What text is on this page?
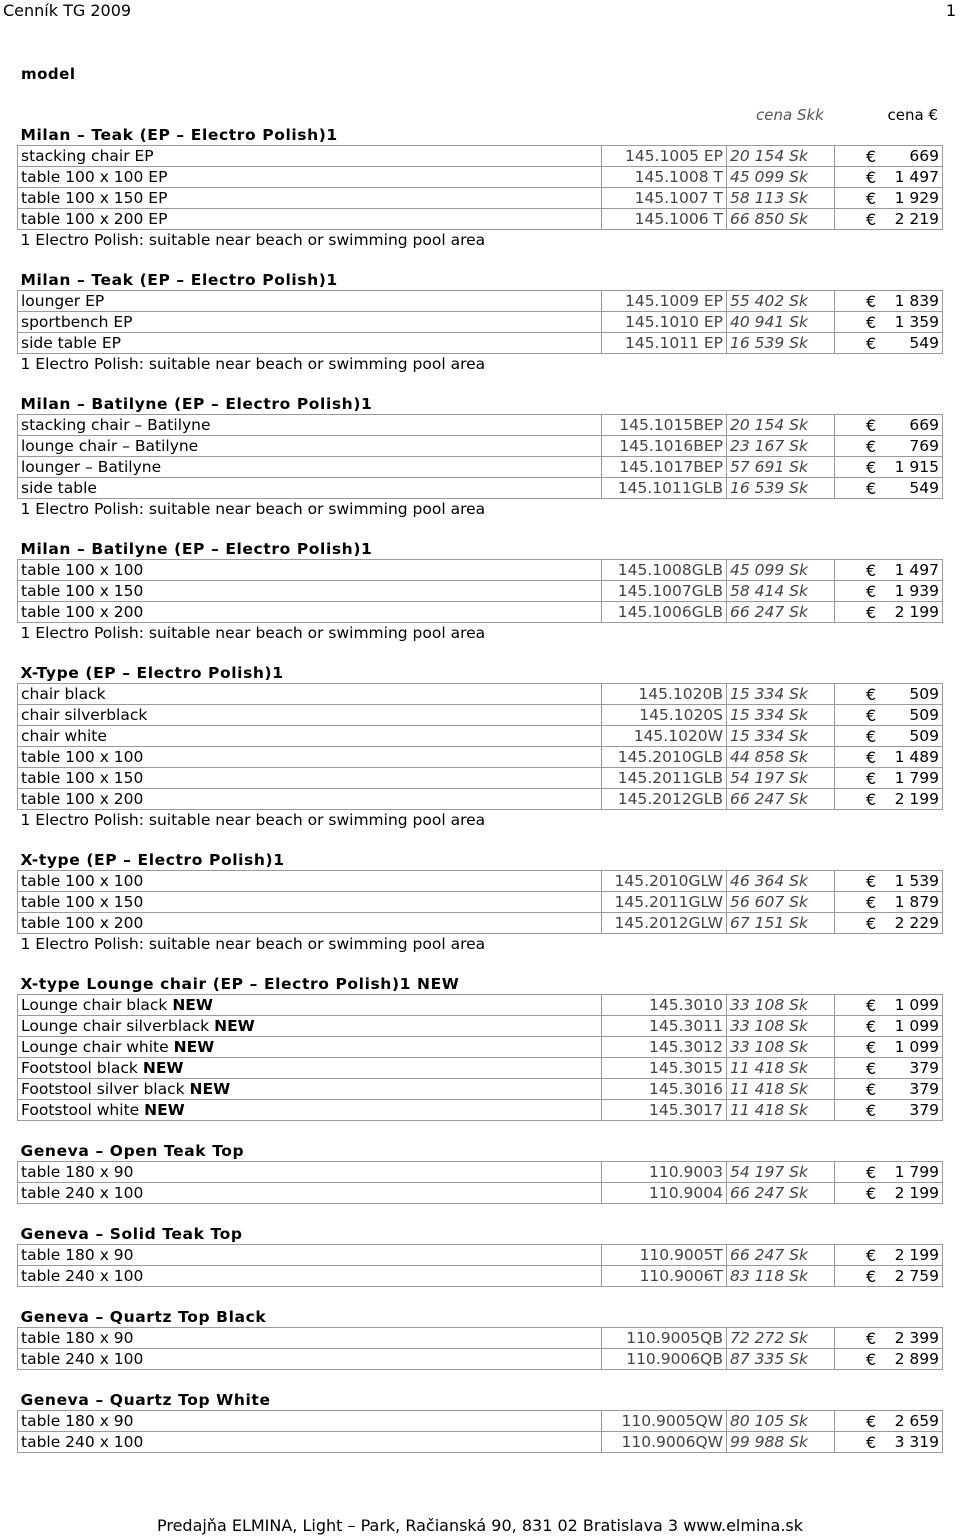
Cenník TG 2009	1
model
cena Skk	cena €
Milan – Teak (EP – Electro Polish)1			
stacking chair EP	145.1005 EP	20 154 Sk	€ 669
table 100 x 100 EP	145.1008 T	45 099 Sk	€ 1 497
table 100 x 150 EP	145.1007 T	58 113 Sk	€ 1 929
table 100 x 200 EP	145.1006 T	66 850 Sk	€ 2 219
1 Electro Polish: suitable near beach or swimming pool area			

Milan – Teak (EP – Electro Polish)1			
lounger EP	145.1009 EP	55 402 Sk	€ 1 839
sportbench EP	145.1010 EP	40 941 Sk	€ 1 359
side table EP	145.1011 EP	16 539 Sk	€ 549
1 Electro Polish: suitable near beach or swimming pool area			

Milan – Batilyne (EP – Electro Polish)1			
stacking chair – Batilyne	145.1015BEP	20 154 Sk	€ 669
lounge chair – Batilyne	145.1016BEP	23 167 Sk	€ 769
lounger – Batilyne	145.1017BEP	57 691 Sk	€ 1 915
side table	145.1011GLB	16 539 Sk	€ 549
1 Electro Polish: suitable near beach or swimming pool area			

Milan – Batilyne (EP – Electro Polish)1			
table 100 x 100	145.1008GLB	45 099 Sk	€ 1 497
table 100 x 150	145.1007GLB	58 414 Sk	€ 1 939
table 100 x 200	145.1006GLB	66 247 Sk	€ 2 199
1 Electro Polish: suitable near beach or swimming pool area			

X-Type (EP – Electro Polish)1			
chair black	145.1020B	15 334 Sk	€ 509
chair silverblack	145.1020S	15 334 Sk	€ 509
chair white	145.1020W	15 334 Sk	€ 509
table 100 x 100	145.2010GLB	44 858 Sk	€ 1 489
table 100 x 150	145.2011GLB	54 197 Sk	€ 1 799
table 100 x 200	145.2012GLB	66 247 Sk	€ 2 199
1 Electro Polish: suitable near beach or swimming pool area			

X-type (EP – Electro Polish)1			
table 100 x 100	145.2010GLW	46 364 Sk	€ 1 539
table 100 x 150	145.2011GLW	56 607 Sk	€ 1 879
table 100 x 200	145.2012GLW	67 151 Sk	€ 2 229
1 Electro Polish: suitable near beach or swimming pool area			

X-type Lounge chair (EP – Electro Polish)1 NEW			
Lounge chair black NEW	145.3010	33 108 Sk	€ 1 099
Lounge chair silverblack NEW	145.3011	33 108 Sk	€ 1 099
Lounge chair white NEW	145.3012	33 108 Sk	€ 1 099
Footstool black NEW	145.3015	11 418 Sk	€ 379
Footstool silver black NEW	145.3016	11 418 Sk	€ 379
Footstool white NEW	145.3017	11 418 Sk	€ 379

Geneva – Open Teak Top			
table 180 x 90	110.9003	54 197 Sk	€ 1 799
table 240 x 100	110.9004	66 247 Sk	€ 2 199

Geneva – Solid Teak Top			
table 180 x 90	110.9005T	66 247 Sk	€ 2 199
table 240 x 100	110.9006T	83 118 Sk	€ 2 759

Geneva – Quartz Top Black			
table 180 x 90	110.9005QB	72 272 Sk	€ 2 399
table 240 x 100	110.9006QB	87 335 Sk	€ 2 899

Geneva – Quartz Top White			
table 180 x 90	110.9005QW	80 105 Sk	€ 2 659
table 240 x 100	110.9006QW	99 988 Sk	€ 3 319
Predajňa ELMINA, Light – Park, Račianská 90, 831 02 Bratislava 3 www.elmina.sk
